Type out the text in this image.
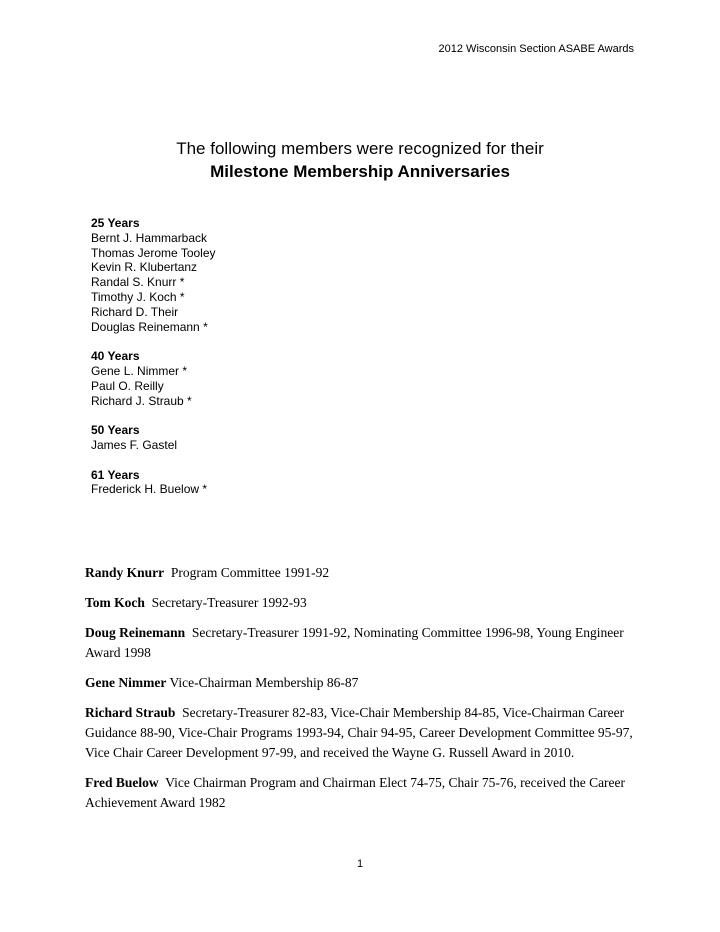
2012 Wisconsin Section ASABE Awards
The following members were recognized for their
Milestone Membership Anniversaries
25 Years
Bernt J. Hammarback
Thomas Jerome Tooley
Kevin R. Klubertanz
Randal S. Knurr *
Timothy J. Koch *
Richard D. Their
Douglas Reinemann *
40 Years
Gene L. Nimmer *
Paul O. Reilly
Richard J. Straub *
50 Years
James F. Gastel
61 Years
Frederick H. Buelow *

Randy Knurr Program Committee 1991-92

Tom Koch Secretary-Treasurer 1992-93

Doug Reinemann Secretary-Treasurer 1991-92, Nominating Committee 1996-98, Young Engineer Award 1998

Gene Nimmer Vice-Chairman Membership 86-87

Richard Straub Secretary-Treasurer 82-83, Vice-Chair Membership 84-85, Vice-Chairman Career Guidance 88-90, Vice-Chair Programs 1993-94, Chair 94-95, Career Development Committee 95-97, Vice Chair Career Development 97-99, and received the Wayne G. Russell Award in 2010.

Fred Buelow Vice Chairman Program and Chairman Elect 74-75, Chair 75-76, received the Career Achievement Award 1982

1
